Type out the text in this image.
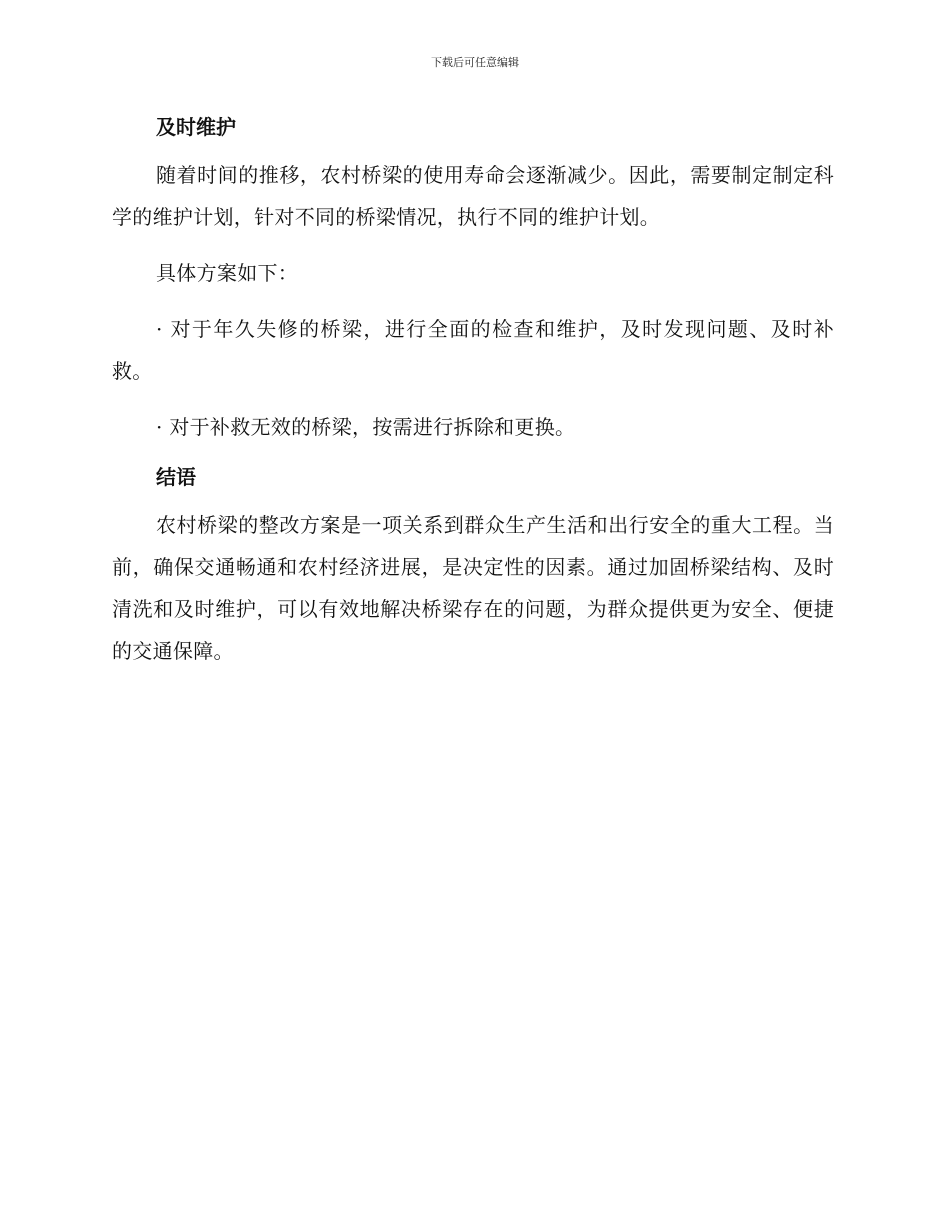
下载后可任意编辑
及时维护

随着时间的推移，农村桥梁的使用寿命会逐渐减少。因此，需要制定制定科学的维护计划，针对不同的桥梁情况，执行不同的维护计划。

具体方案如下：

· 对于年久失修的桥梁，进行全面的检查和维护，及时发现问题、及时补救。

· 对于补救无效的桥梁，按需进行拆除和更换。

结语

农村桥梁的整改方案是一项关系到群众生产生活和出行安全的重大工程。当前，确保交通畅通和农村经济进展，是决定性的因素。通过加固桥梁结构、及时清洗和及时维护，可以有效地解决桥梁存在的问题，为群众提供更为安全、便捷的交通保障。
